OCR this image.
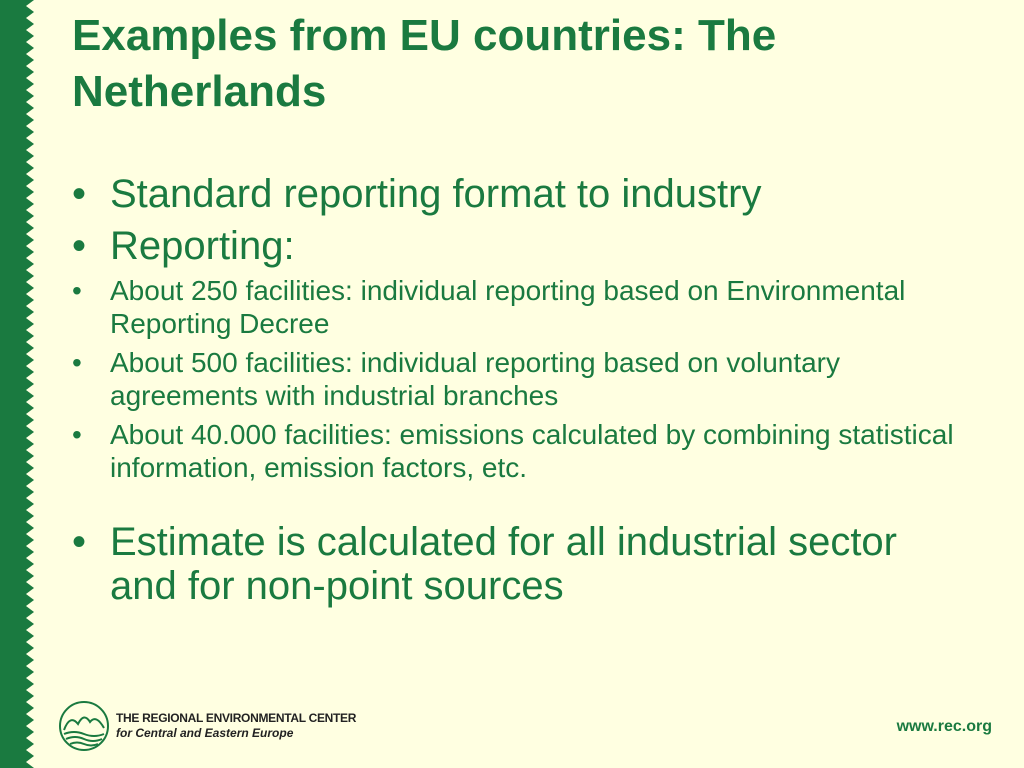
Examples from EU countries: The Netherlands
• Standard reporting format to industry
• Reporting:
• About 250 facilities: individual reporting based on Environmental Reporting Decree
• About 500 facilities: individual reporting based on voluntary agreements with industrial branches
• About 40.000 facilities: emissions calculated by combining statistical information, emission factors, etc.
• Estimate is calculated for all industrial sector and for non-point sources
THE REGIONAL ENVIRONMENTAL CENTER
for Central and Eastern Europe	www.rec.org
